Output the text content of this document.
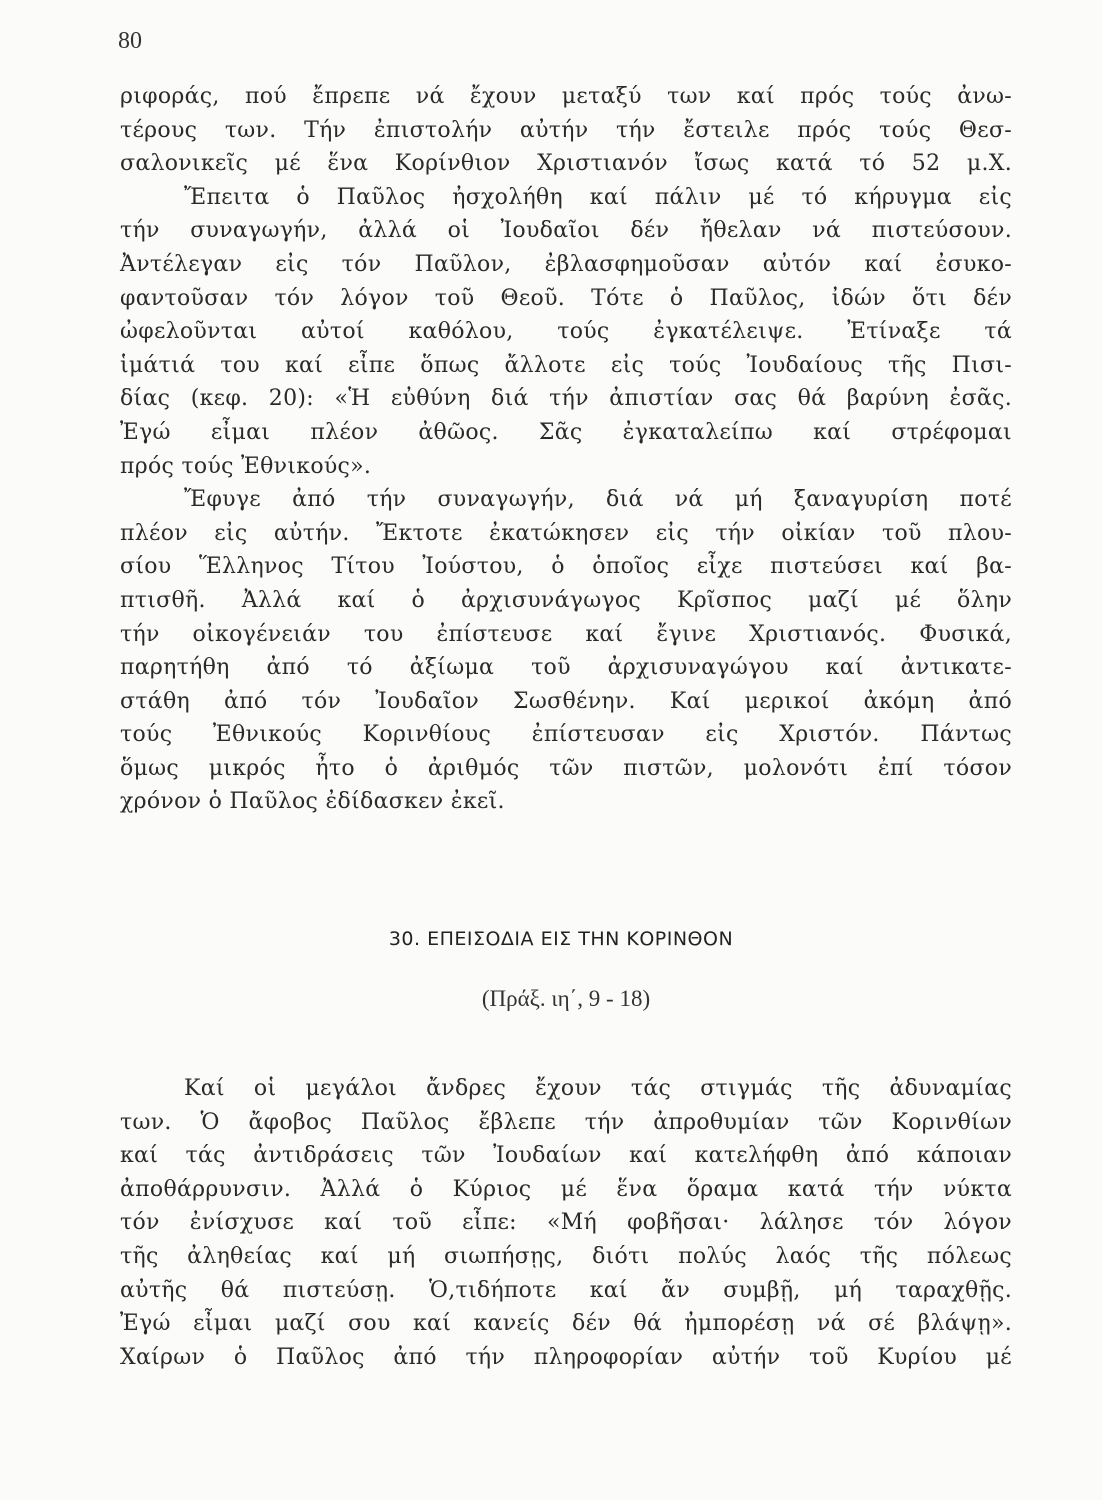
80
ριφοράς, πού ἔπρεπε νά ἔχουν μεταξύ των καί πρός τούς ἀνω-
τέρους των. Τήν ἐπιστολήν αὐτήν τήν ἔστειλε πρός τούς Θεσ-
σαλονικεῖς μέ ἕνα Κορίνθιον Χριστιανόν ἴσως κατά τό 52 μ.Χ.
Ἔπειτα ὁ Παῦλος ἠσχολήθη καί πάλιν μέ τό κήρυγμα εἰς
τήν συναγωγήν, ἀλλά οἱ Ἰουδαῖοι δέν ἤθελαν νά πιστεύσουν.
Ἀντέλεγαν εἰς τόν Παῦλον, ἐβλασφημοῦσαν αὐτόν καί ἐσυκο-
φαντοῦσαν τόν λόγον τοῦ Θεοῦ. Τότε ὁ Παῦλος, ἰδών ὅτι δέν
ὠφελοῦνται αὐτοί καθόλου, τούς ἐγκατέλειψε. Ἐτίναξε τά
ἱμάτιά του καί εἶπε ὅπως ἄλλοτε εἰς τούς Ἰουδαίους τῆς Πισι-
δίας (κεφ. 20): «Ἡ εὐθύνη διά τήν ἀπιστίαν σας θά βαρύνη ἐσᾶς.
Ἐγώ εἶμαι πλέον ἀθῶος. Σᾶς ἐγκαταλείπω καί στρέφομαι
πρός τούς Ἐθνικούς».
Ἔφυγε ἀπό τήν συναγωγήν, διά νά μή ξαναγυρίση ποτέ
πλέον εἰς αὐτήν. Ἔκτοτε ἐκατώκησεν εἰς τήν οἰκίαν τοῦ πλου-
σίου Ἕλληνος Τίτου Ἰούστου, ὁ ὁποῖος εἶχε πιστεύσει καί βα-
πτισθῆ. Ἀλλά καί ὁ ἀρχισυνάγωγος Κρῖσπος μαζί μέ ὅλην
τήν οἰκογένειάν του ἐπίστευσε καί ἔγινε Χριστιανός. Φυσικά,
παρητήθη ἀπό τό ἀξίωμα τοῦ ἀρχισυναγώγου καί ἀντικατε-
στάθη ἀπό τόν Ἰουδαῖον Σωσθένην. Καί μερικοί ἀκόμη ἀπό
τούς Ἐθνικούς Κορινθίους ἐπίστευσαν εἰς Χριστόν. Πάντως
ὅμως μικρός ἦτο ὁ ἀριθμός τῶν πιστῶν, μολονότι ἐπί τόσον
χρόνον ὁ Παῦλος ἐδίδασκεν ἐκεῖ.
30. ΕΠΕΙΣΟΔΙΑ ΕΙΣ ΤΗΝ ΚΟΡΙΝΘΟΝ
(Πράξ. ιη΄, 9 - 18)
Καί οἱ μεγάλοι ἄνδρες ἔχουν τάς στιγμάς τῆς ἀδυναμίας
των. Ὁ ἄφοβος Παῦλος ἔβλεπε τήν ἀπροθυμίαν τῶν Κορινθίων
καί τάς ἀντιδράσεις τῶν Ἰουδαίων καί κατελήφθη ἀπό κάποιαν
ἀποθάρρυνσιν. Ἀλλά ὁ Κύριος μέ ἕνα ὅραμα κατά τήν νύκτα
τόν ἐνίσχυσε καί τοῦ εἶπε: «Μή φοβῆσαι· λάλησε τόν λόγον
τῆς ἀληθείας καί μή σιωπήσῃς, διότι πολύς λαός τῆς πόλεως
αὐτῆς θά πιστεύσῃ. Ὁ,τιδήποτε καί ἄν συμβῇ, μή ταραχθῇς.
Ἐγώ εἶμαι μαζί σου καί κανείς δέν θά ἠμπορέσῃ νά σέ βλάψῃ».
Χαίρων ὁ Παῦλος ἀπό τήν πληροφορίαν αὐτήν τοῦ Κυρίου μέ
